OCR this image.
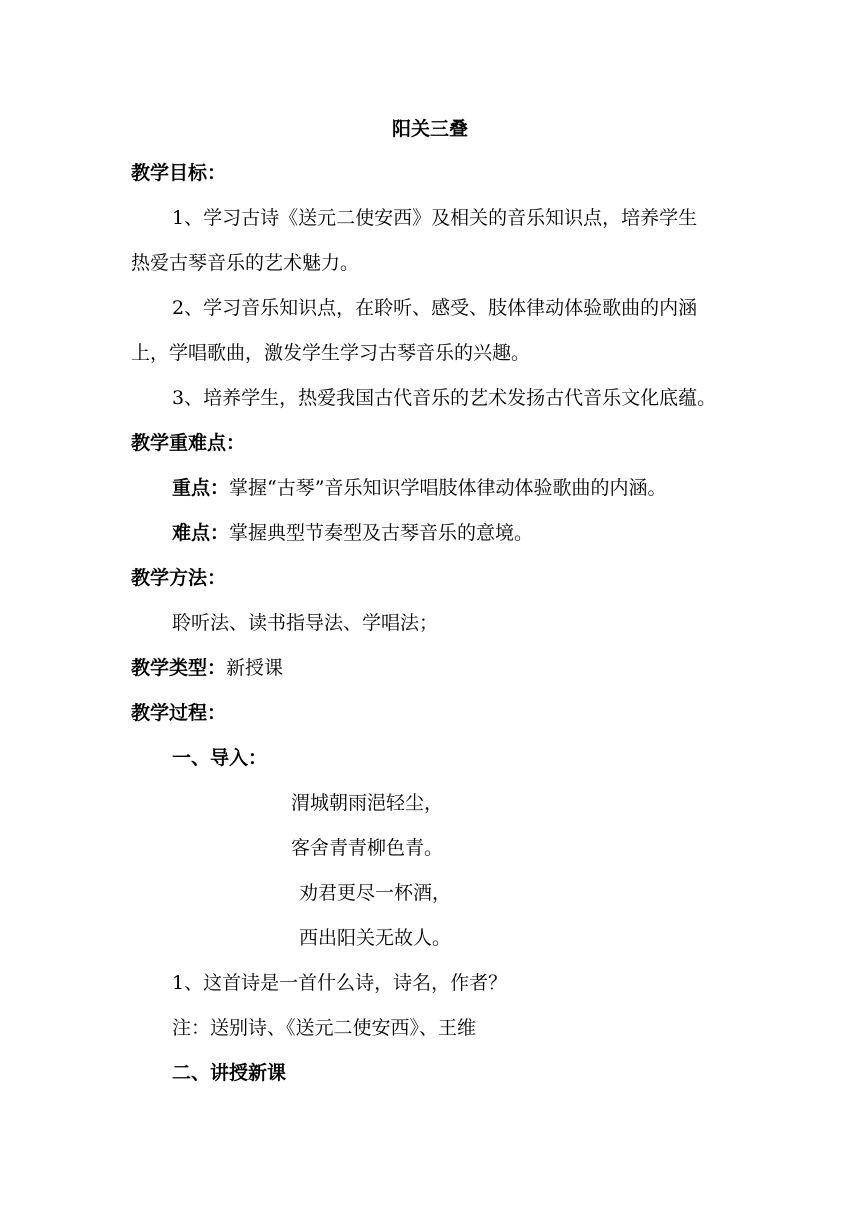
阳关三叠
教学目标：
1、学习古诗《送元二使安西》及相关的音乐知识点，培养学生
热爱古琴音乐的艺术魅力。
2、学习音乐知识点，在聆听、感受、肢体律动体验歌曲的内涵
上，学唱歌曲，激发学生学习古琴音乐的兴趣。
3、培养学生，热爱我国古代音乐的艺术发扬古代音乐文化底蕴。
教学重难点：
重点：掌握“古琴”音乐知识学唱肢体律动体验歌曲的内涵。
难点：掌握典型节奏型及古琴音乐的意境。
教学方法：
聆听法、读书指导法、学唱法；
教学类型：新授课
教学过程：
一、导入：
渭城朝雨浥轻尘，
客舍青青柳色青。
劝君更尽一杯酒，
西出阳关无故人。
1、这首诗是一首什么诗，诗名，作者？
注：送别诗、《送元二使安西》、王维
二、讲授新课
